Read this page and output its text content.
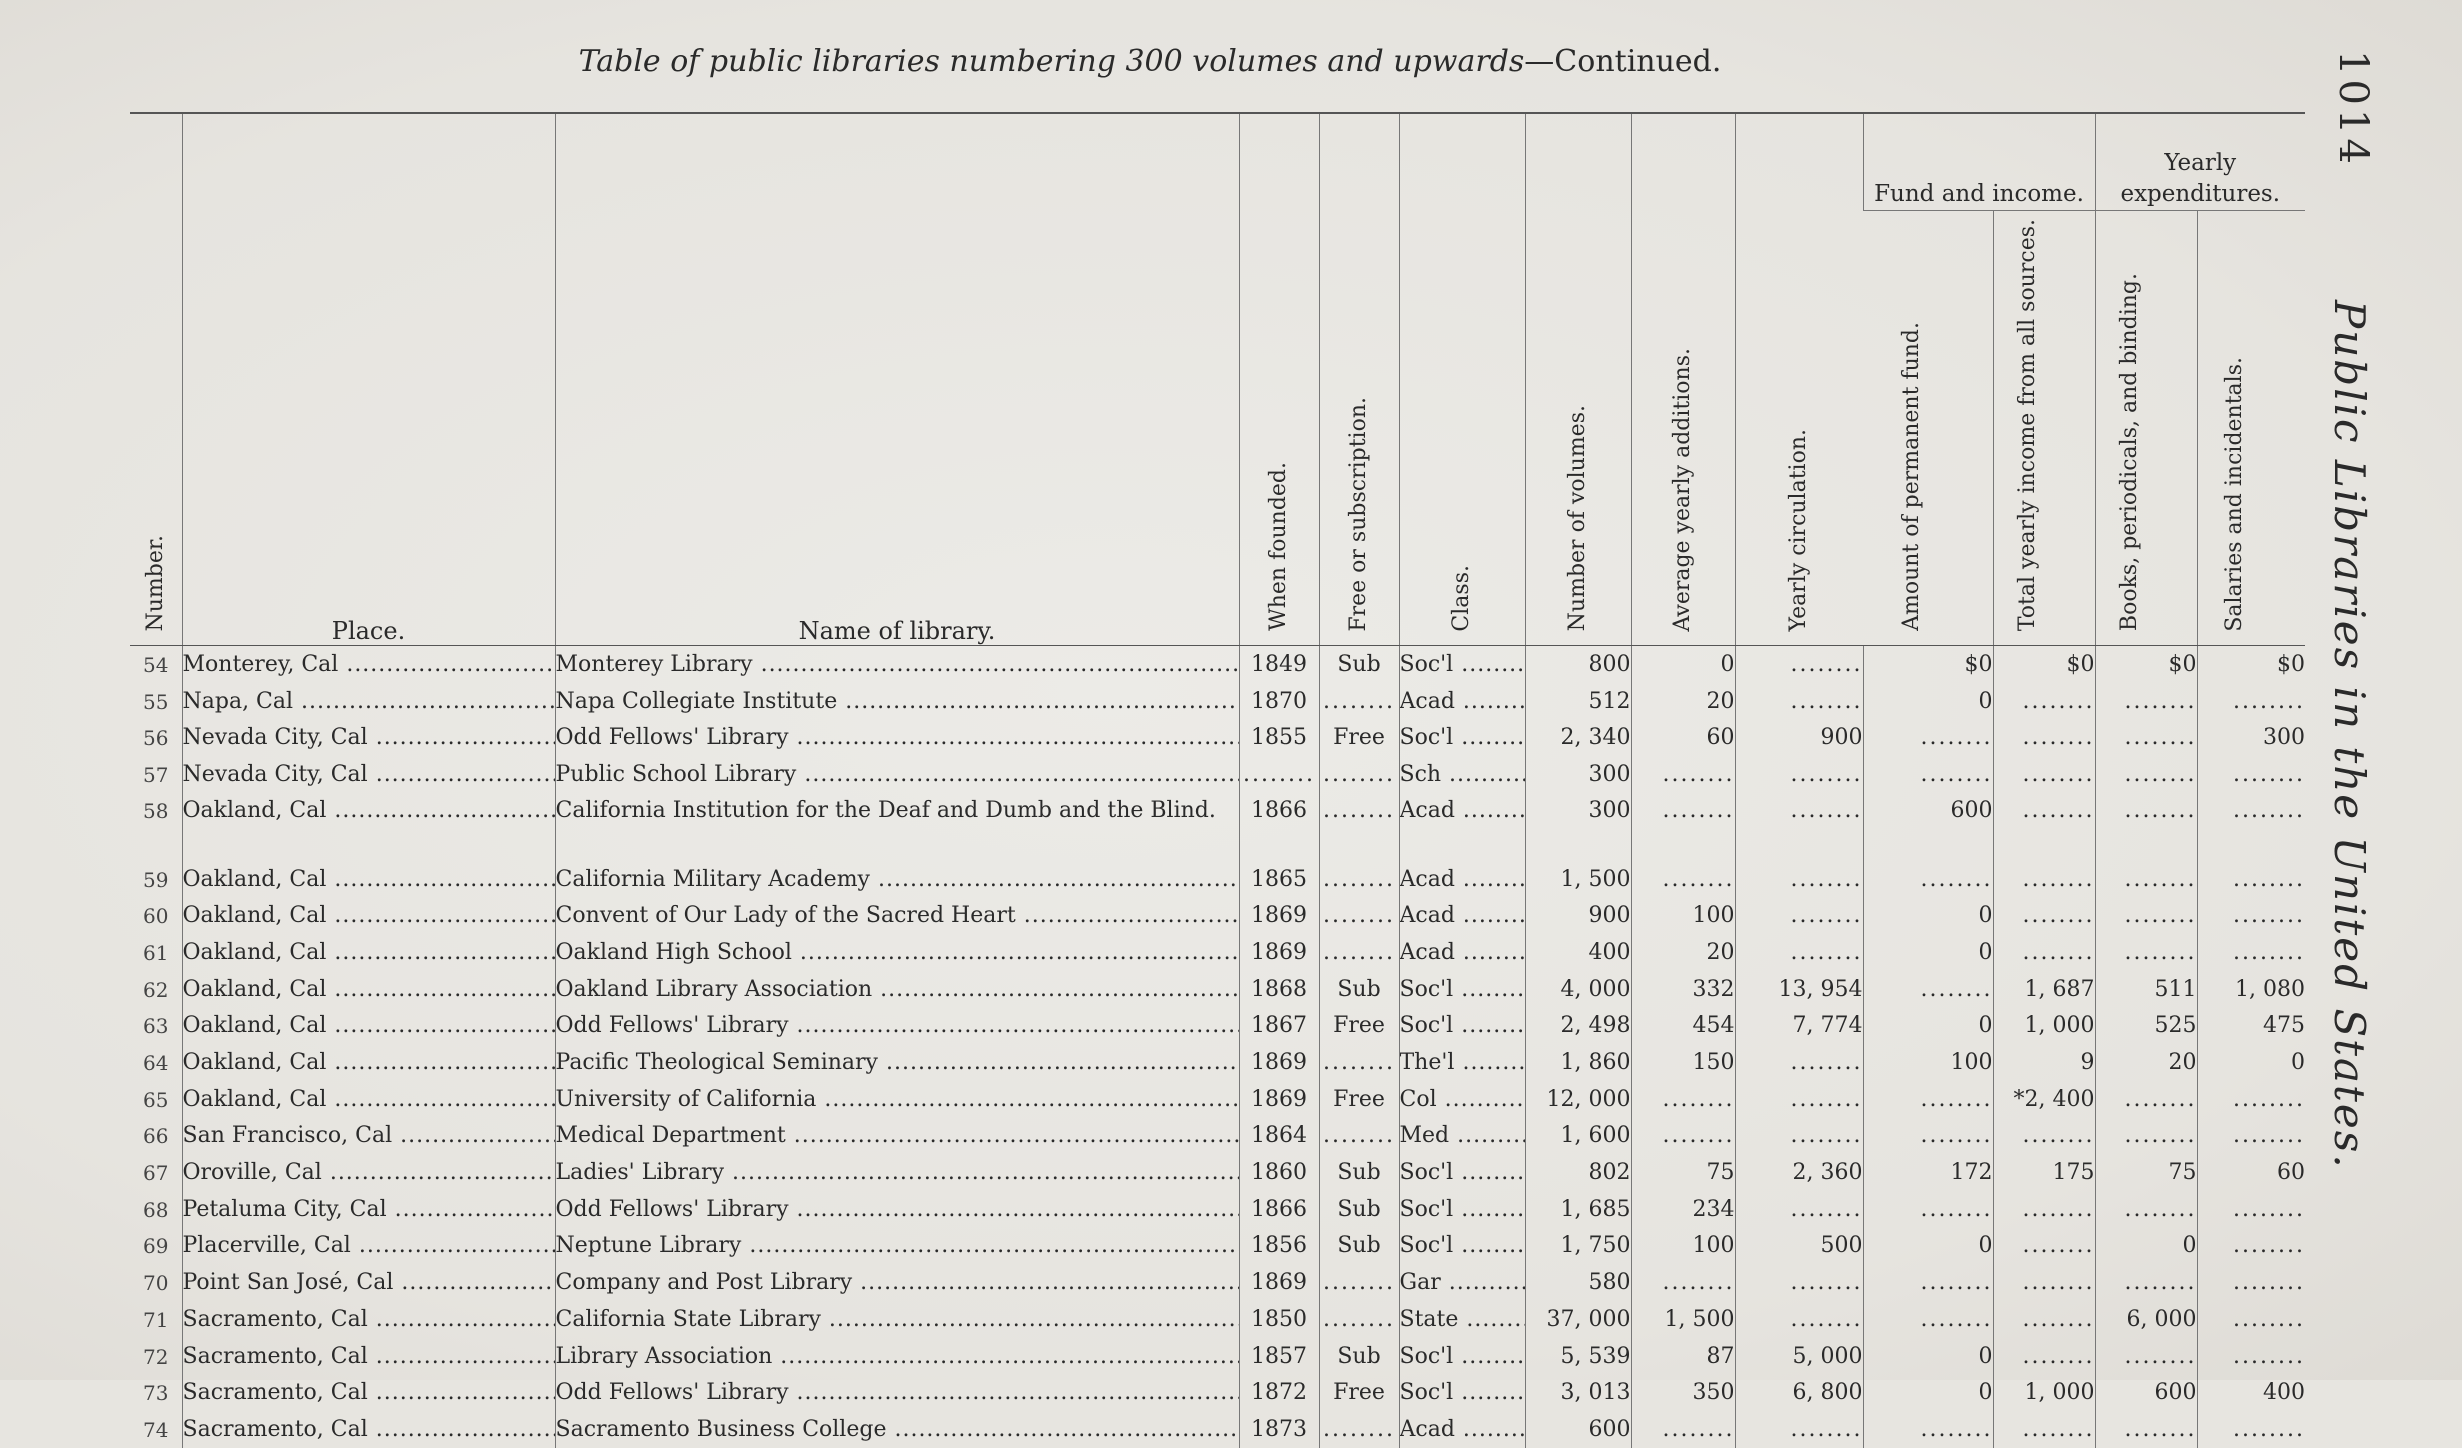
Table of public libraries numbering 300 volumes and upwards—Continued.	1014
Public Libraries in the United States.
Number.	Place.	Name of library.	When founded.	Free or subscription.	Class.	Number of volumes.	Average yearly additions.	Yearly circulation.	Fund and income.		Yearly expenditures.	
									Amount of permanent fund.	Total yearly income from all sources.	Books, periodicals, and binding.	Salaries and incidentals.
54	Monterey, Cal .....	Monterey Library .....	1849	Sub	Soc'l .....	800	0	........	$0	$0	$0	$0
55	Napa, Cal .....	Napa Collegiate Institute .....	1870	........	Acad .....	512	20	........	0	........	........	........
56	Nevada City, Cal .....	Odd Fellows' Library .....	1855	Free	Soc'l .....	2, 340	60	900	........	........	........	300
57	Nevada City, Cal .....	Public School Library .....	........	........	Sch .....	300	........	........	........	........	........	........
58	Oakland, Cal .....	California Institution for the Deaf and Dumb and the Blind.	1866	........	Acad .....	300	........	........	600	........	........	........
59	Oakland, Cal .....	California Military Academy .....	1865	........	Acad .....	1, 500	........	........	........	........	........	........
60	Oakland, Cal .....	Convent of Our Lady of the Sacred Heart .....	1869	........	Acad .....	900	100	........	0	........	........	........
61	Oakland, Cal .....	Oakland High School .....	1869	........	Acad .....	400	20	........	0	........	........	........
62	Oakland, Cal .....	Oakland Library Association .....	1868	Sub	Soc'l .....	4, 000	332	13, 954	........	1, 687	511	1, 080
63	Oakland, Cal .....	Odd Fellows' Library .....	1867	Free	Soc'l .....	2, 498	454	7, 774	0	1, 000	525	475
64	Oakland, Cal .....	Pacific Theological Seminary .....	1869	........	The'l .....	1, 860	150	........	100	9	20	0
65	Oakland, Cal .....	University of California .....	1869	Free	Col .....	12, 000	........	........	........	*2, 400	........	........
66	San Francisco, Cal .....	Medical Department .....	1864	........	Med .....	1, 600	........	........	........	........	........	........
67	Oroville, Cal .....	Ladies' Library .....	1860	Sub	Soc'l .....	802	75	2, 360	172	175	75	60
68	Petaluma City, Cal .....	Odd Fellows' Library .....	1866	Sub	Soc'l .....	1, 685	234	........	........	........	........	........
69	Placerville, Cal .....	Neptune Library .....	1856	Sub	Soc'l .....	1, 750	100	500	0	........	0	........
70	Point San José, Cal .....	Company and Post Library .....	1869	........	Gar .....	580	........	........	........	........	........	........
71	Sacramento, Cal .....	California State Library .....	1850	........	State .....	37, 000	1, 500	........	........	........	6, 000	........
72	Sacramento, Cal .....	Library Association .....	1857	Sub	Soc'l .....	5, 539	87	5, 000	0	........	........	........
73	Sacramento, Cal .....	Odd Fellows' Library .....	1872	Free	Soc'l .....	3, 013	350	6, 800	0	1, 000	600	400
74	Sacramento, Cal .....	Sacramento Business College .....	1873	........	Acad .....	600	........	........	........	........	........	........
